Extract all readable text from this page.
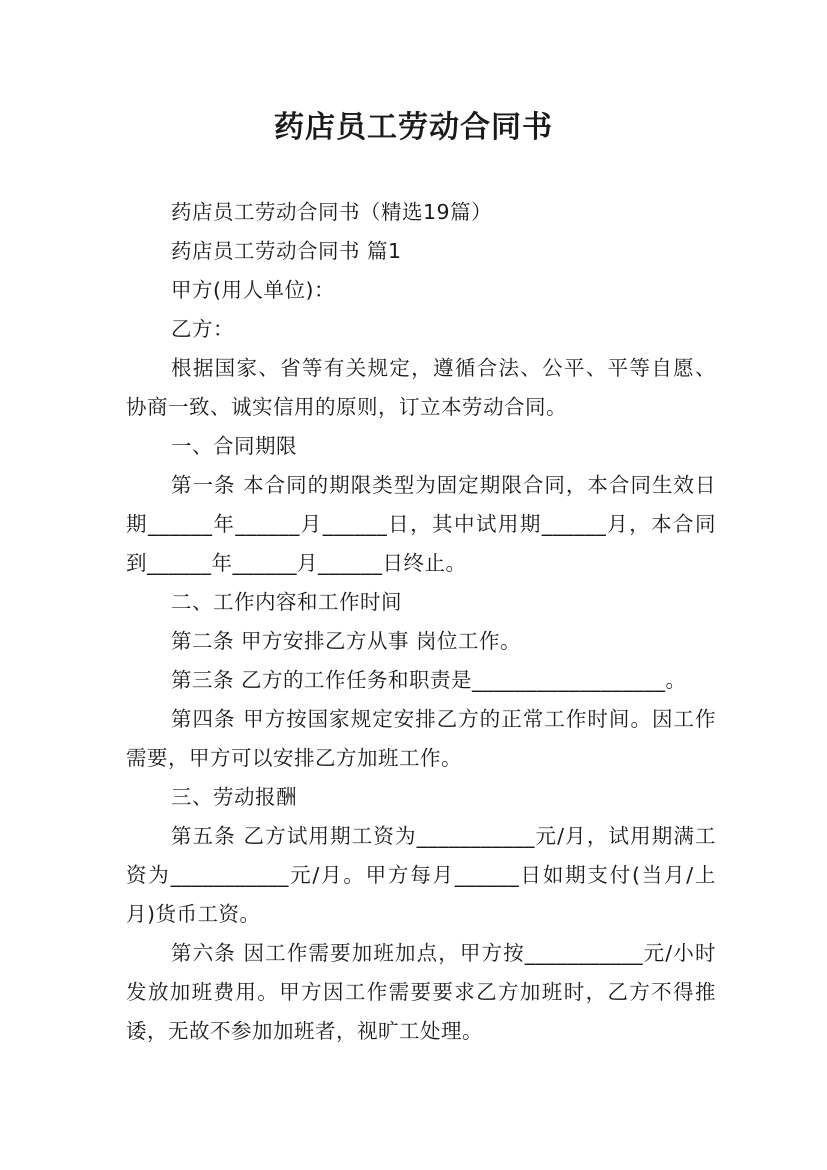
药店员工劳动合同书

药店员工劳动合同书（精选19篇）

药店员工劳动合同书 篇1

甲方(用人单位)：

乙方：

根据国家、省等有关规定，遵循合法、公平、平等自愿、协商一致、诚实信用的原则，订立本劳动合同。

一、合同期限

第一条 本合同的期限类型为固定期限合同，本合同生效日期______年______月______日，其中试用期______月，本合同到______年______月______日终止。

二、工作内容和工作时间

第二条 甲方安排乙方从事 岗位工作。

第三条 乙方的工作任务和职责是__________________。

第四条 甲方按国家规定安排乙方的正常工作时间。因工作需要，甲方可以安排乙方加班工作。

三、劳动报酬

第五条 乙方试用期工资为___________元/月，试用期满工资为___________元/月。甲方每月______日如期支付(当月/上月)货币工资。

第六条 因工作需要加班加点，甲方按___________元/小时发放加班费用。甲方因工作需要要求乙方加班时，乙方不得推诿，无故不参加加班者，视旷工处理。
